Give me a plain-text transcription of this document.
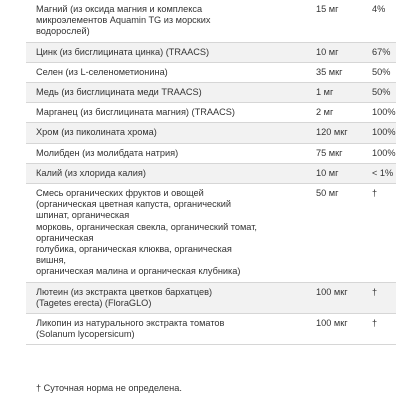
Магний (из оксида магния и комплекса
микроэлементов Aquamin TG из морских
водорослей)
15 мг	4%
Цинк (из бисглицината цинка) (TRAACS)	10 мг	67%
Селен (из L-селенометионина)	35 мкг	50%
Медь (из бисглицината меди TRAACS)	1 мг	50%
Марганец (из бисглицината магния) (TRAACS)	2 мг	100%
Хром (из пиколината хрома)	120 мкг	100%
Молибден (из молибдата натрия)	75 мкг	100%
Калий (из хлорида калия)	10 мг	< 1%
Смесь органических фруктов и овощей
(органическая цветная капуста, органический
шпинат, органическая
морковь, органическая свекла, органический томат,
органическая
голубика, органическая клюква, органическая
вишня,
органическая малина и органическая клубника)
50 мг	†
Лютеин (из экстракта цветков бархатцев)
(Tagetes erecta) (FloraGLO)
100 мкг	†
Ликопин из натурального экстракта томатов
(Solanum lycopersicum)
100 мкг	†
† Суточная норма не определена.
